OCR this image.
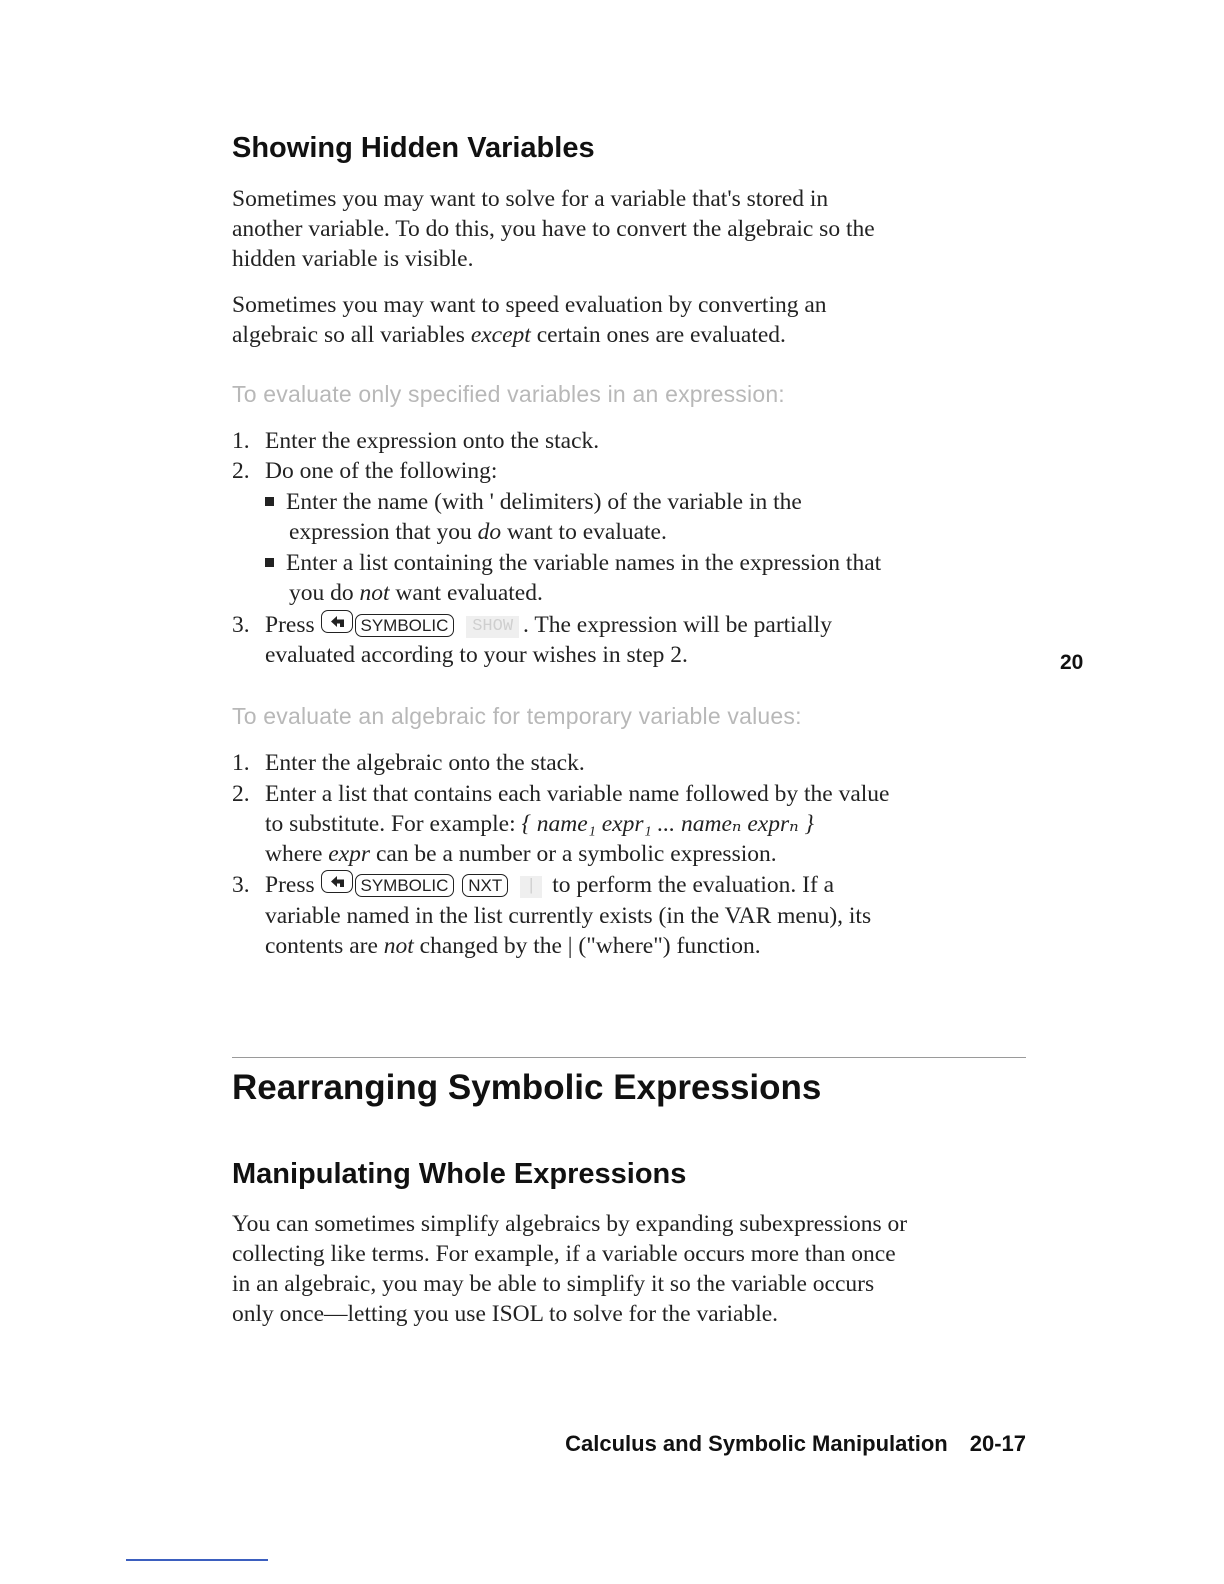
Showing Hidden Variables
Sometimes you may want to solve for a variable that's stored in
another variable. To do this, you have to convert the algebraic so the
hidden variable is visible.
Sometimes you may want to speed evaluation by converting an
algebraic so all variables except certain ones are evaluated.
To evaluate only specified variables in an expression:
1. Enter the expression onto the stack.
2. Do one of the following:
Enter the name (with ' delimiters) of the variable in the
expression that you do want to evaluate.
Enter a list containing the variable names in the expression that
you do not want evaluated.
3. Press	SYMBOLIC SHOW . The expression will be partially
evaluated according to your wishes in step 2.	20
To evaluate an algebraic for temporary variable values:
1. Enter the algebraic onto the stack.
2. Enter a list that contains each variable name followed by the value
to substitute. For example: { name₁ expr₁ ... nameₙ exprₙ }
where expr can be a number or a symbolic expression.
3. Press	SYMBOLIC NXT | to perform the evaluation. If a
variable named in the list currently exists (in the VAR menu), its
contents are not changed by the | ("where") function.
Rearranging Symbolic Expressions
Manipulating Whole Expressions
You can sometimes simplify algebraics by expanding subexpressions or
collecting like terms. For example, if a variable occurs more than once
in an algebraic, you may be able to simplify it so the variable occurs
only once—letting you use ISOL to solve for the variable.
Calculus and Symbolic Manipulation 20-17
